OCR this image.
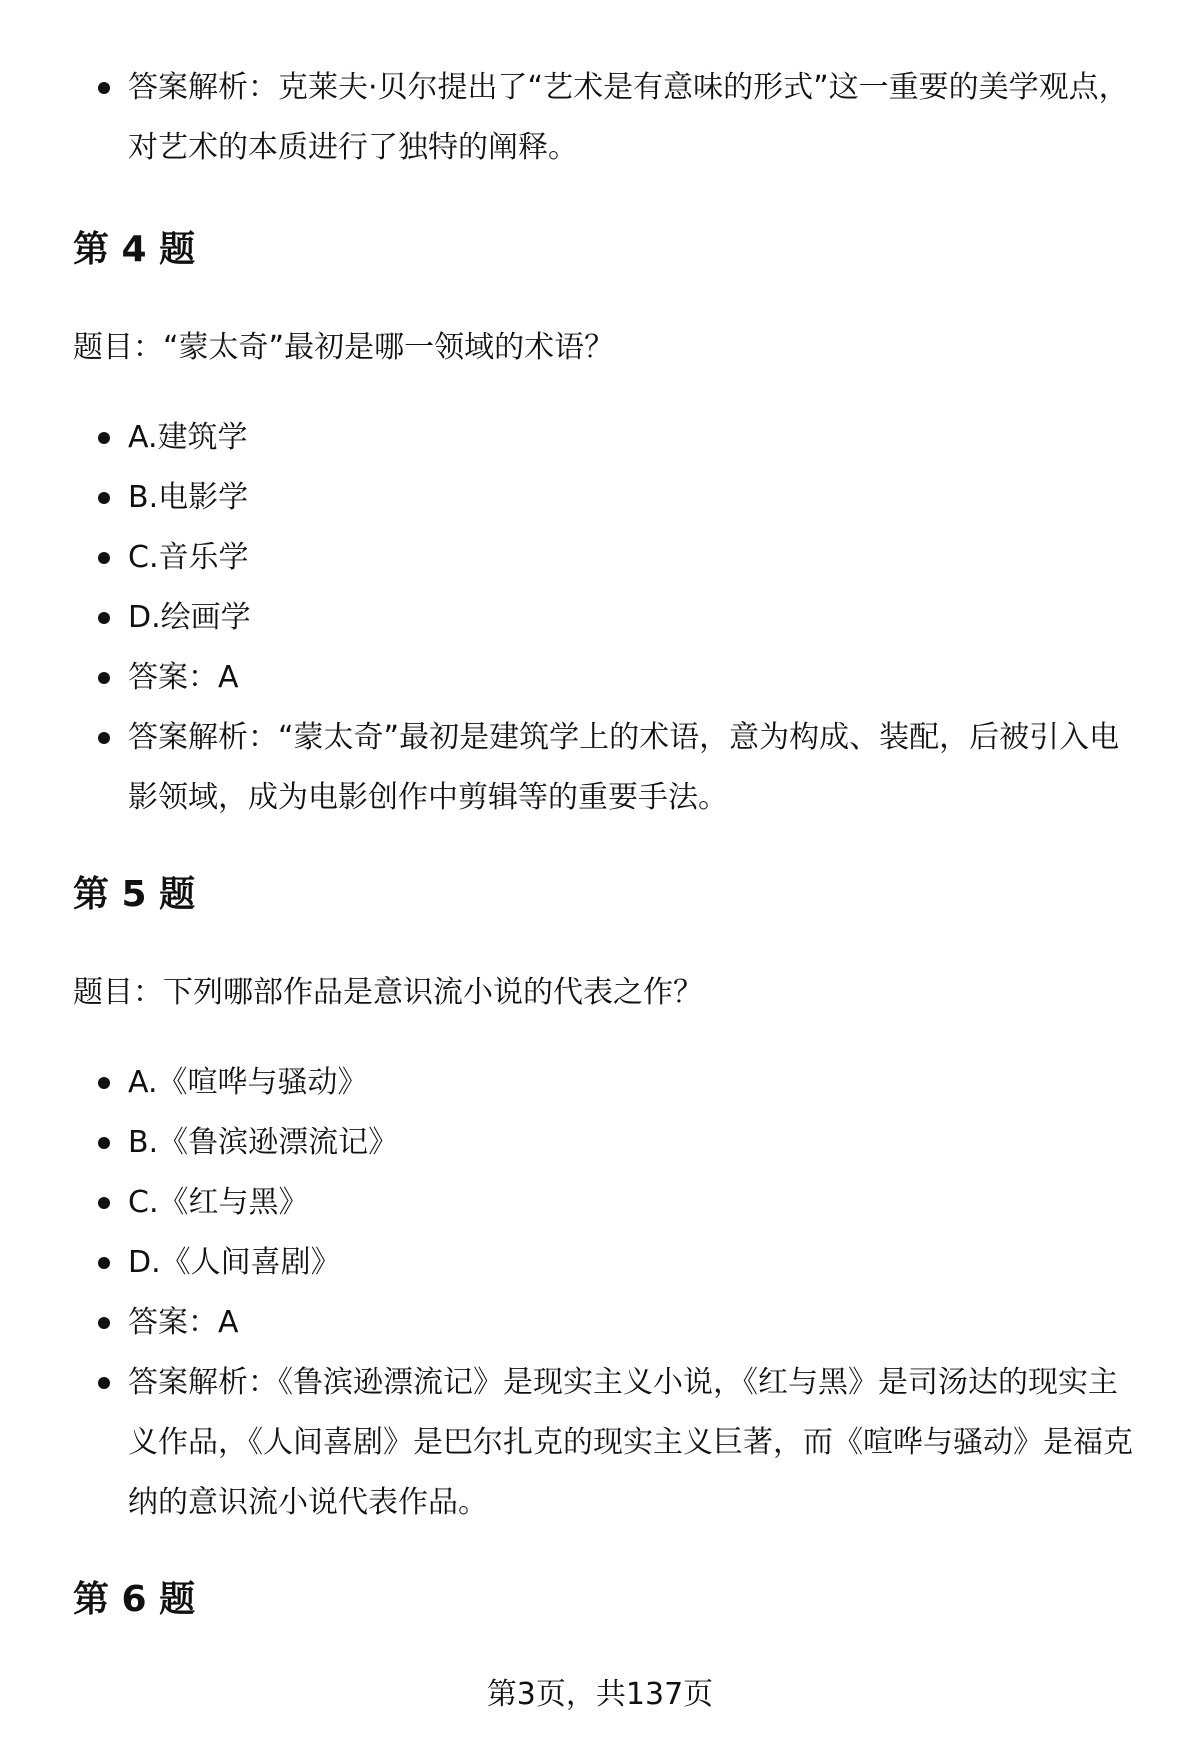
答案解析：克莱夫·贝尔提出了“艺术是有意味的形式”这一重要的美学观点，对艺术的本质进行了独特的阐释。
第 4 题

题目：“蒙太奇”最初是哪一领域的术语？

A.建筑学
B.电影学
C.音乐学
D.绘画学
答案：A
答案解析：“蒙太奇”最初是建筑学上的术语，意为构成、装配，后被引入电影领域，成为电影创作中剪辑等的重要手法。
第 5 题

题目：下列哪部作品是意识流小说的代表之作？

A.《喧哗与骚动》
B.《鲁滨逊漂流记》
C.《红与黑》
D.《人间喜剧》
答案：A
答案解析：《鲁滨逊漂流记》是现实主义小说，《红与黑》是司汤达的现实主义作品，《人间喜剧》是巴尔扎克的现实主义巨著，而《喧哗与骚动》是福克纳的意识流小说代表作品。
第 6 题
第3页，共137页
